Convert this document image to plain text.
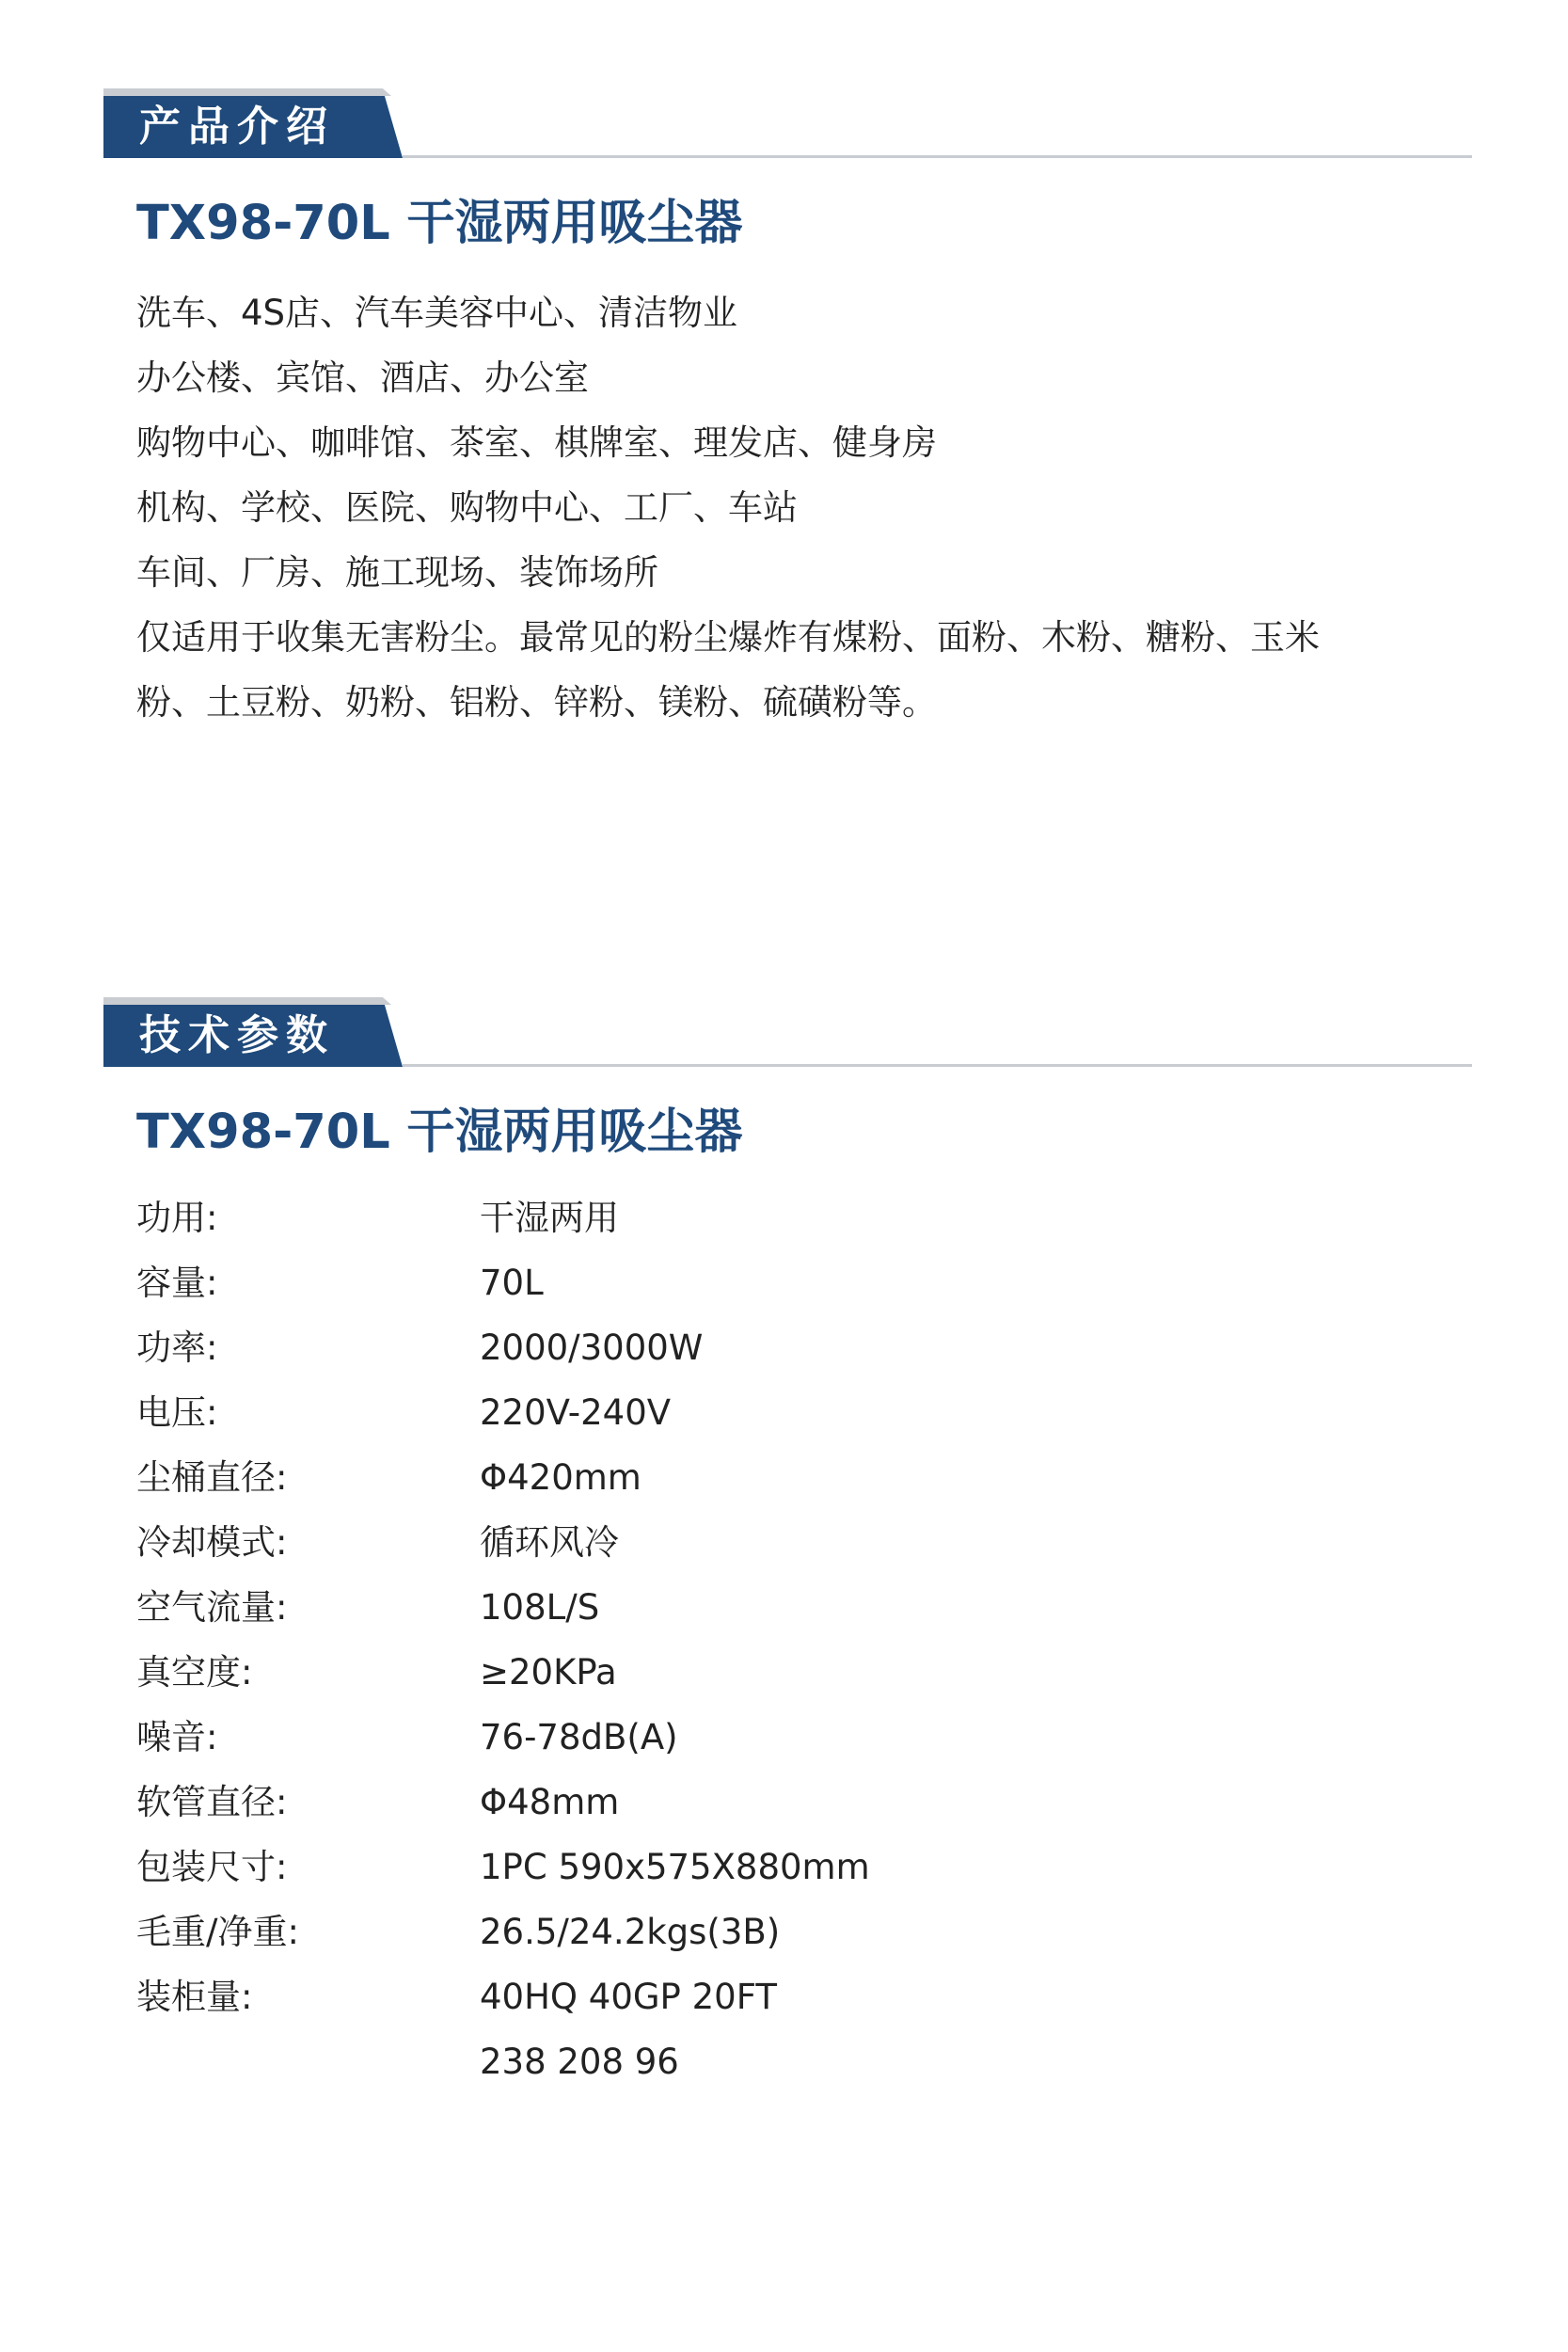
产品介绍
TX98-70L 干湿两用吸尘器
洗车、4S店、汽车美容中心、清洁物业
办公楼、宾馆、酒店、办公室
购物中心、咖啡馆、茶室、棋牌室、理发店、健身房
机构、学校、医院、购物中心、工厂、车站
车间、厂房、施工现场、装饰场所
仅适用于收集无害粉尘。最常见的粉尘爆炸有煤粉、面粉、木粉、糖粉、玉米
粉、土豆粉、奶粉、铝粉、锌粉、镁粉、硫磺粉等。
技术参数
TX98-70L 干湿两用吸尘器
功用:	干湿两用
容量:	70L
功率:	2000/3000W
电压:	220V-240V
尘桶直径:	Φ420mm
冷却模式:	循环风冷
空气流量:	108L/S
真空度:	≥20KPa
噪音:	76-78dB(A)
软管直径:	Φ48mm
包装尺寸:	1PC 590x575X880mm
毛重/净重:	26.5/24.2kgs(3B)
装柜量:	40HQ 40GP 20FT
238 208 96
